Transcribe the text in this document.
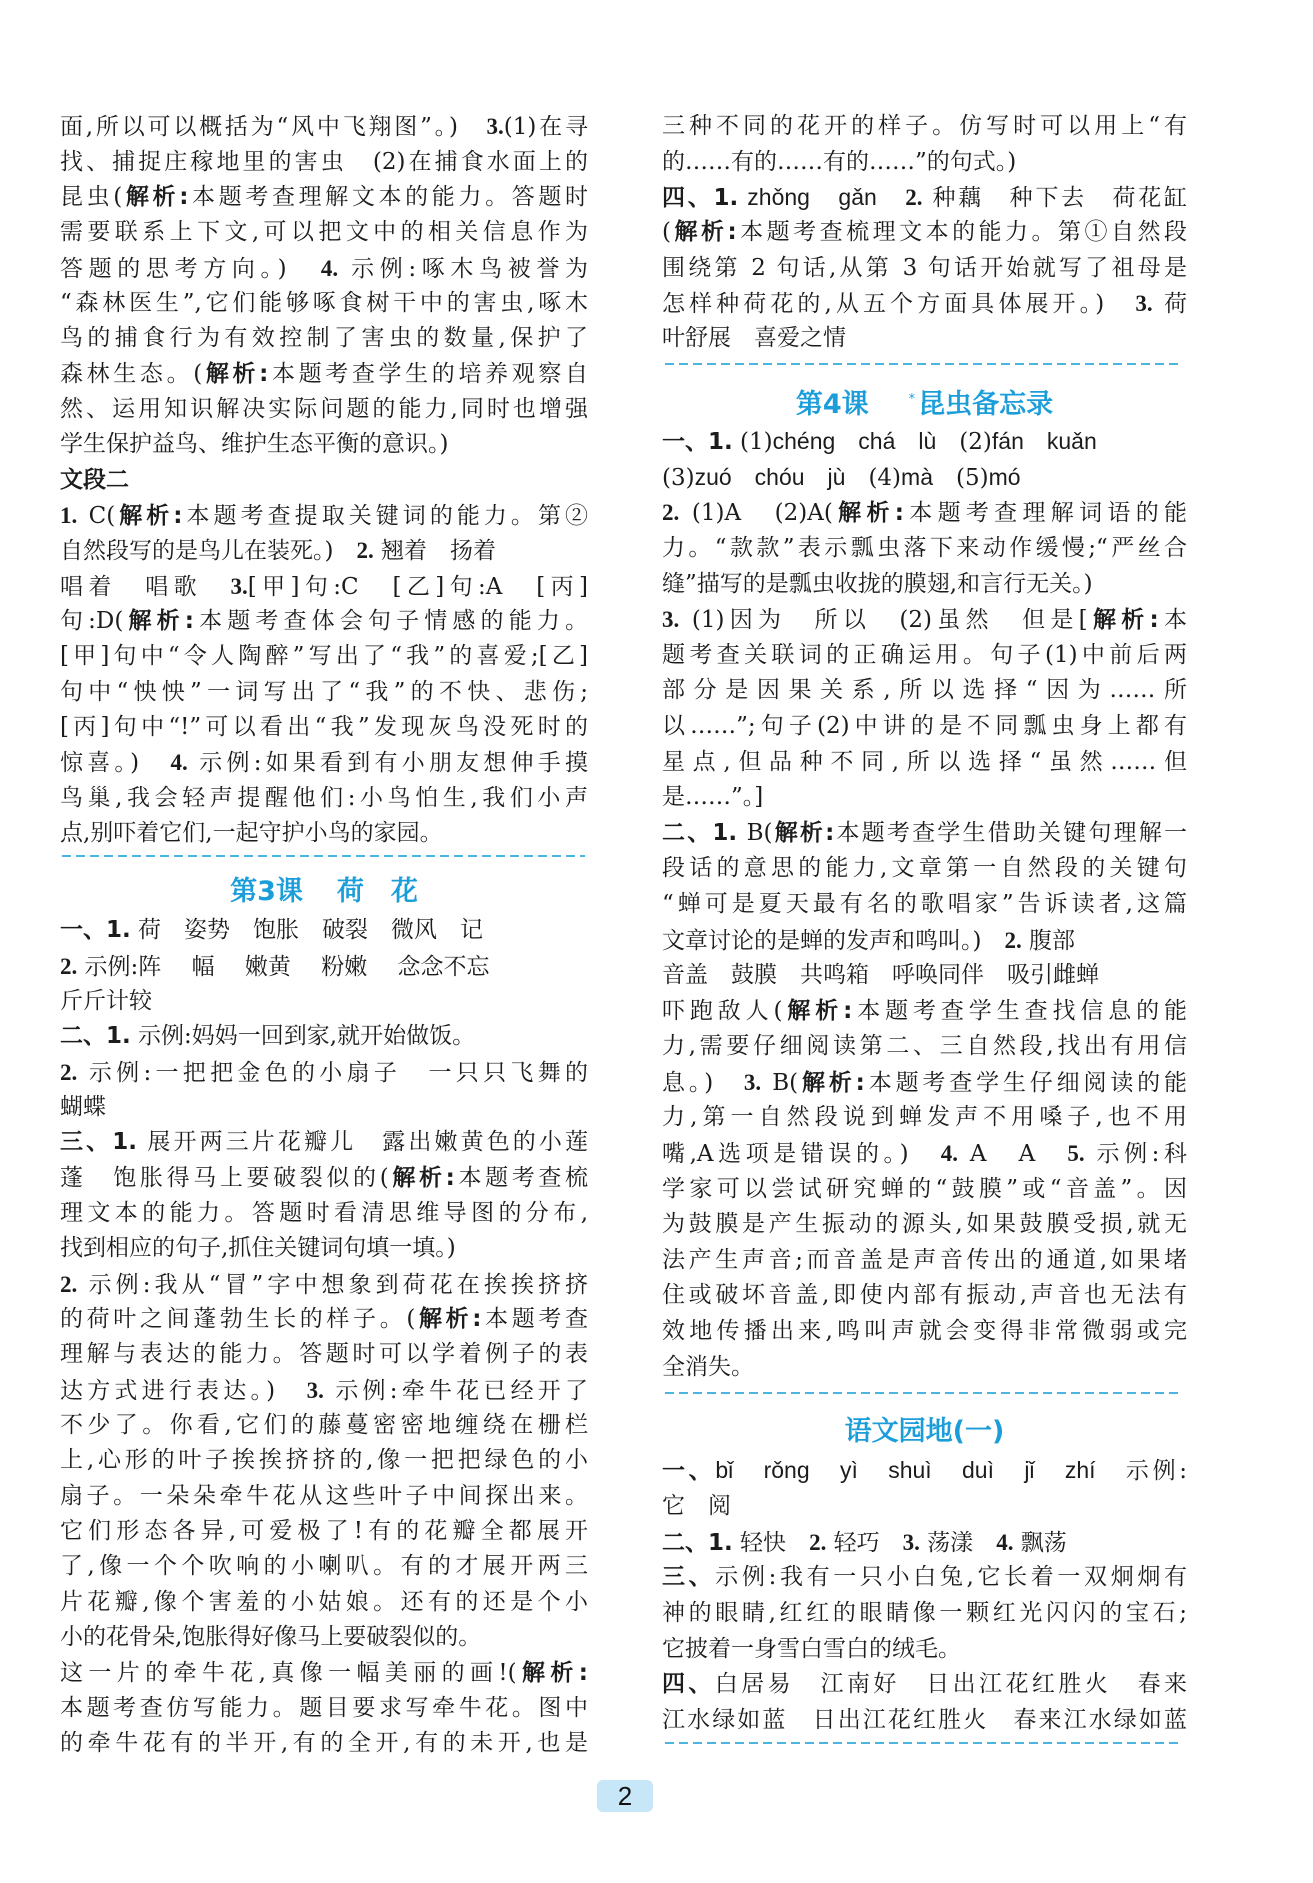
面,所以可以概括为“风中飞翔图”。)　3.(1)在寻
找、捕捉庄稼地里的害虫　(2)在捕食水面上的
昆虫(解析:本题考查理解文本的能力。答题时
需要联系上下文,可以把文中的相关信息作为
答题的思考方向。)　4. 示例:啄木鸟被誉为
“森林医生”,它们能够啄食树干中的害虫,啄木
鸟的捕食行为有效控制了害虫的数量,保护了
森林生态。(解析:本题考查学生的培养观察自
然、运用知识解决实际问题的能力,同时也增强
学生保护益鸟、维护生态平衡的意识。)
文段二
1. C(解析:本题考查提取关键词的能力。第②
自然段写的是鸟儿在装死。)　2. 翘着　扬着
唱着　唱歌　3.[甲]句:C　[乙]句:A　[丙]
句:D(解析:本题考查体会句子情感的能力。
[甲]句中“令人陶醉”写出了“我”的喜爱;[乙]
句中“怏怏”一词写出了“我”的不快、悲伤;
[丙]句中“!”可以看出“我”发现灰鸟没死时的
惊喜。)　4. 示例:如果看到有小朋友想伸手摸
鸟巢,我会轻声提醒他们:小鸟怕生,我们小声
点,别吓着它们,一起守护小鸟的家园。
第3课 荷　花
一、1. 荷　姿势　饱胀　破裂　微风　记
2. 示例:阵　 幅　 嫩黄　 粉嫩　 念念不忘
斤斤计较
二、1. 示例:妈妈一回到家,就开始做饭。
2. 示例:一把把金色的小扇子　一只只飞舞的
蝴蝶
三、1. 展开两三片花瓣儿　露出嫩黄色的小莲
蓬　饱胀得马上要破裂似的(解析:本题考查梳
理文本的能力。答题时看清思维导图的分布,
找到相应的句子,抓住关键词句填一填。)
2. 示例:我从“冒”字中想象到荷花在挨挨挤挤
的荷叶之间蓬勃生长的样子。(解析:本题考查
理解与表达的能力。答题时可以学着例子的表
达方式进行表达。)　3. 示例:牵牛花已经开了
不少了。你看,它们的藤蔓密密地缠绕在栅栏
上,心形的叶子挨挨挤挤的,像一把把绿色的小
扇子。一朵朵牵牛花从这些叶子中间探出来。
它们形态各异,可爱极了!有的花瓣全都展开
了,像一个个吹响的小喇叭。有的才展开两三
片花瓣,像个害羞的小姑娘。还有的还是个小
小的花骨朵,饱胀得好像马上要破裂似的。
这一片的牵牛花,真像一幅美丽的画!(解析:
本题考查仿写能力。题目要求写牵牛花。图中
的牵牛花有的半开,有的全开,有的未开,也是
三种不同的花开的样子。仿写时可以用上“有
的……有的……有的……”的句式。)
四、1. zhǒng　gǎn　2. 种藕　种下去　荷花缸
(解析:本题考查梳理文本的能力。第①自然段
围绕第 2 句话,从第 3 句话开始就写了祖母是
怎样种荷花的,从五个方面具体展开。)　3. 荷
叶舒展　喜爱之情
第4课	* 昆虫备忘录
一、1. (1)chéng　chá　lù　(2)fán　kuǎn
(3)zuó　chóu　jù　(4)mà　(5)mó
2. (1)A　(2)A(解析:本题考查理解词语的能
力。“款款”表示瓢虫落下来动作缓慢;“严丝合
缝”描写的是瓢虫收拢的膜翅,和言行无关。)
3. (1)因为　所以　(2)虽然　但是[解析:本
题考查关联词的正确运用。句子(1)中前后两
部分是因果关系,所以选择“因为……所
以……”;句子(2)中讲的是不同瓢虫身上都有
星点,但品种不同,所以选择“虽然……但
是……”。]
二、1. B(解析:本题考查学生借助关键句理解一
段话的意思的能力,文章第一自然段的关键句
“蝉可是夏天最有名的歌唱家”告诉读者,这篇
文章讨论的是蝉的发声和鸣叫。)　2. 腹部
音盖　鼓膜　共鸣箱　呼唤同伴　吸引雌蝉
吓跑敌人(解析:本题考查学生查找信息的能
力,需要仔细阅读第二、三自然段,找出有用信
息。)　3. B(解析:本题考查学生仔细阅读的能
力,第一自然段说到蝉发声不用嗓子,也不用
嘴,A选项是错误的。)　4. A　A　5. 示例:科
学家可以尝试研究蝉的“鼓膜”或“音盖”。因
为鼓膜是产生振动的源头,如果鼓膜受损,就无
法产生声音;而音盖是声音传出的通道,如果堵
住或破坏音盖,即使内部有振动,声音也无法有
效地传播出来,鸣叫声就会变得非常微弱或完
全消失。
语文园地(一)
一、bǐ　rǒng　yì　shuì　duì　jǐ　zhí　示例:
它　阅
二、1. 轻快　2. 轻巧　3. 荡漾　4. 飘荡
三、示例:我有一只小白兔,它长着一双炯炯有
神的眼睛,红红的眼睛像一颗红光闪闪的宝石;
它披着一身雪白雪白的绒毛。
四、白居易　江南好　日出江花红胜火　春来
江水绿如蓝　日出江花红胜火　春来江水绿如蓝
2
